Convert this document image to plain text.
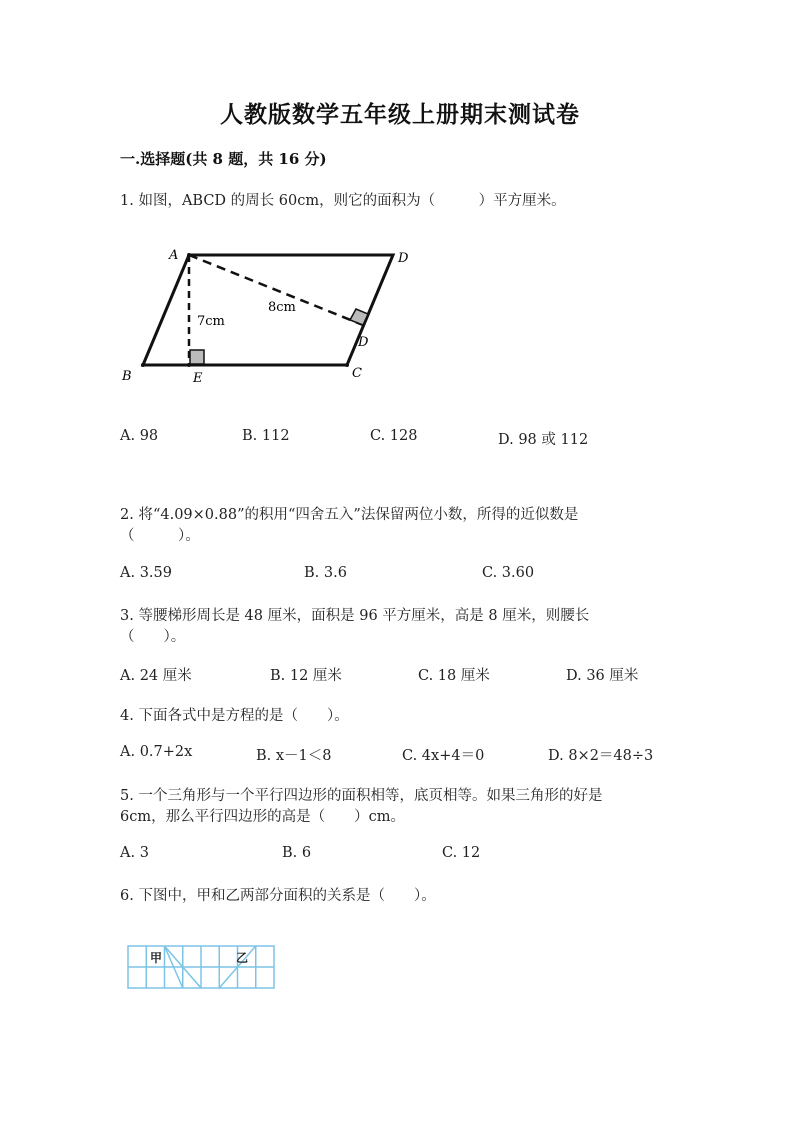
人教版数学五年级上册期末测试卷
一.选择题(共 8 题，共 16 分)
1. 如图，ABCD 的周长 60cm，则它的面积为（　　　）平方厘米。
A
B	C
D
D
E
7cm
8cm
A. 98	B. 112	C. 128	D. 98 或 112
2. 将“4.09×0.88”的积用“四舍五入”法保留两位小数，所得的近似数是
（　　　）。
A. 3.59	B. 3.6	C. 3.60
3. 等腰梯形周长是 48 厘米，面积是 96 平方厘米，高是 8 厘米，则腰长
（　　）。
A. 24 厘米	B. 12 厘米	C. 18 厘米	D. 36 厘米
4. 下面各式中是方程的是（　　）。
A. 0.7+2x	B. x－1＜8	C. 4x+4＝0	D. 8×2＝48÷3
5. 一个三角形与一个平行四边形的面积相等，底页相等。如果三角形的好是
6cm，那么平行四边形的高是（　　）cm。
A. 3	B. 6	C. 12
6. 下图中，甲和乙两部分面积的关系是（　　）。
甲	乙
